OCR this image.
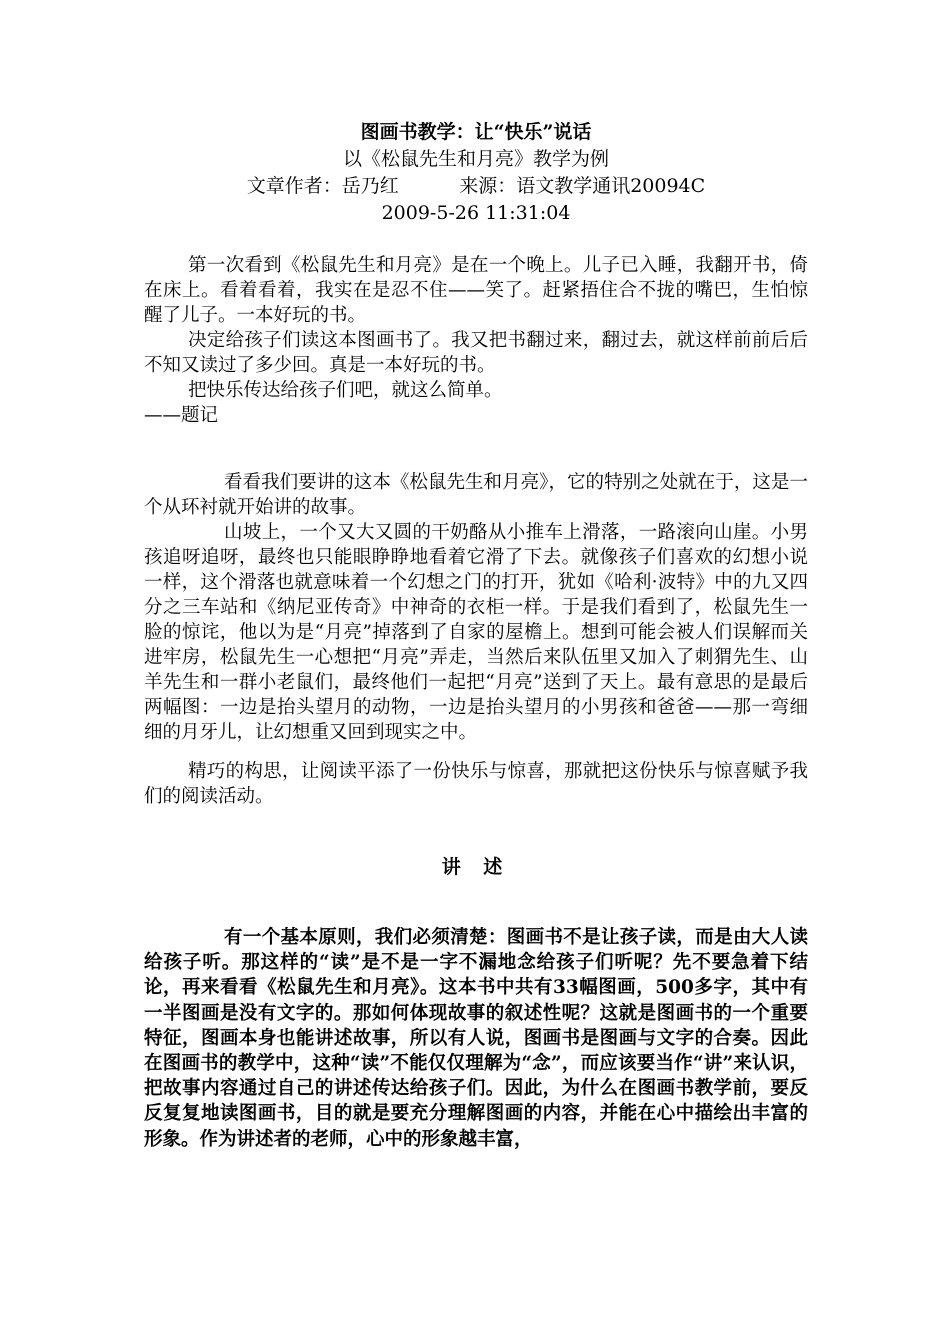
图画书教学：让“快乐”说话

以《松鼠先生和月亮》教学为例

文章作者：岳乃红          来源：语文教学通讯20094C

2009-5-26 11:31:04

第一次看到《松鼠先生和月亮》是在一个晚上。儿子已入睡，我翻开书，倚在床上。看着看着，我实在是忍不住——笑了。赶紧捂住合不拢的嘴巴，生怕惊醒了儿子。一本好玩的书。

决定给孩子们读这本图画书了。我又把书翻过来，翻过去，就这样前前后后不知又读过了多少回。真是一本好玩的书。

把快乐传达给孩子们吧，就这么简单。

——题记

看看我们要讲的这本《松鼠先生和月亮》，它的特别之处就在于，这是一个从环衬就开始讲的故事。

山坡上，一个又大又圆的干奶酪从小推车上滑落，一路滚向山崖。小男孩追呀追呀，最终也只能眼睁睁地看着它滑了下去。就像孩子们喜欢的幻想小说一样，这个滑落也就意味着一个幻想之门的打开，犹如《哈利·波特》中的九又四分之三车站和《纳尼亚传奇》中神奇的衣柜一样。于是我们看到了，松鼠先生一脸的惊诧，他以为是“月亮”掉落到了自家的屋檐上。想到可能会被人们误解而关进牢房，松鼠先生一心想把“月亮”弄走，当然后来队伍里又加入了刺猬先生、山羊先生和一群小老鼠们，最终他们一起把“月亮”送到了天上。最有意思的是最后两幅图：一边是抬头望月的动物，一边是抬头望月的小男孩和爸爸——那一弯细细的月牙儿，让幻想重又回到现实之中。

精巧的构思，让阅读平添了一份快乐与惊喜，那就把这份快乐与惊喜赋予我们的阅读活动。

讲 述

有一个基本原则，我们必须清楚：图画书不是让孩子读，而是由大人读给孩子听。那这样的“读”是不是一字不漏地念给孩子们听呢？先不要急着下结论，再来看看《松鼠先生和月亮》。这本书中共有33幅图画，500多字，其中有一半图画是没有文字的。那如何体现故事的叙述性呢？这就是图画书的一个重要特征，图画本身也能讲述故事，所以有人说，图画书是图画与文字的合奏。因此在图画书的教学中，这种“读”不能仅仅理解为“念”，而应该要当作“讲”来认识，把故事内容通过自己的讲述传达给孩子们。因此，为什么在图画书教学前，要反反复复地读图画书，目的就是要充分理解图画的内容，并能在心中描绘出丰富的形象。作为讲述者的老师，心中的形象越丰富，
